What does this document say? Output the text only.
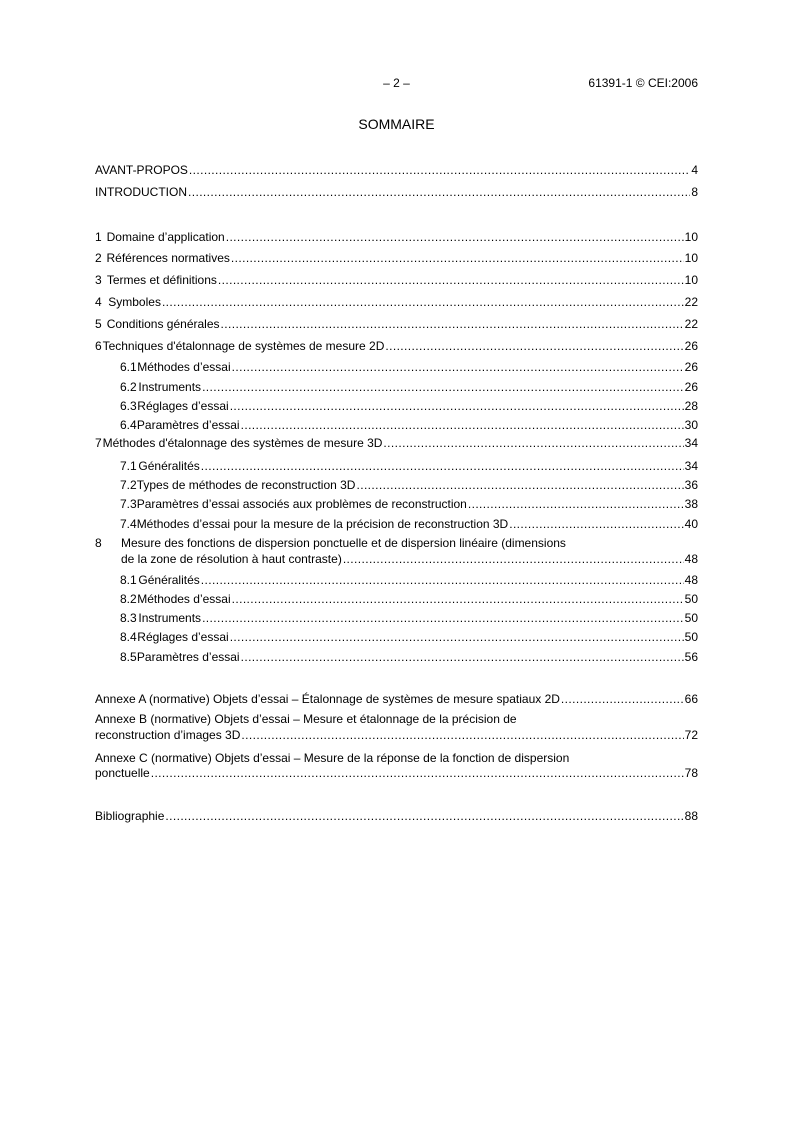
– 2 –	61391-1 © CEI:2006
SOMMAIRE
AVANT-PROPOS .....	4
INTRODUCTION .....	8
1 Domaine d’application .....	10
2 Références normatives .....	10
3 Termes et définitions .....	10
4 Symboles .....	22
5 Conditions générales .....	22
6 Techniques d'étalonnage de systèmes de mesure 2D .....	26
6.1 Méthodes d’essai .....	26
6.2 Instruments .....	26
6.3 Réglages d’essai .....	28
6.4 Paramètres d’essai .....	30
7 Méthodes d'étalonnage des systèmes de mesure 3D .....	34
7.1 Généralités .....	34
7.2 Types de méthodes de reconstruction 3D .....	36
7.3 Paramètres d’essai associés aux problèmes de reconstruction .....	38
7.4 Méthodes d’essai pour la mesure de la précision de reconstruction 3D .....	40
8	Mesure des fonctions de dispersion ponctuelle et de dispersion linéaire (dimensions
de la zone de résolution à haut contraste) .....	48
8.1 Généralités .....	48
8.2 Méthodes d’essai .....	50
8.3 Instruments .....	50
8.4 Réglages d’essai .....	50
8.5 Paramètres d’essai .....	56
Annexe A (normative) Objets d’essai – Étalonnage de systèmes de mesure spatiaux 2D .....	66
Annexe B (normative) Objets d’essai – Mesure et étalonnage de la précision de
reconstruction d’images 3D .....	72
Annexe C (normative) Objets d’essai – Mesure de la réponse de la fonction de dispersion
ponctuelle .....	78
Bibliographie .....	88
